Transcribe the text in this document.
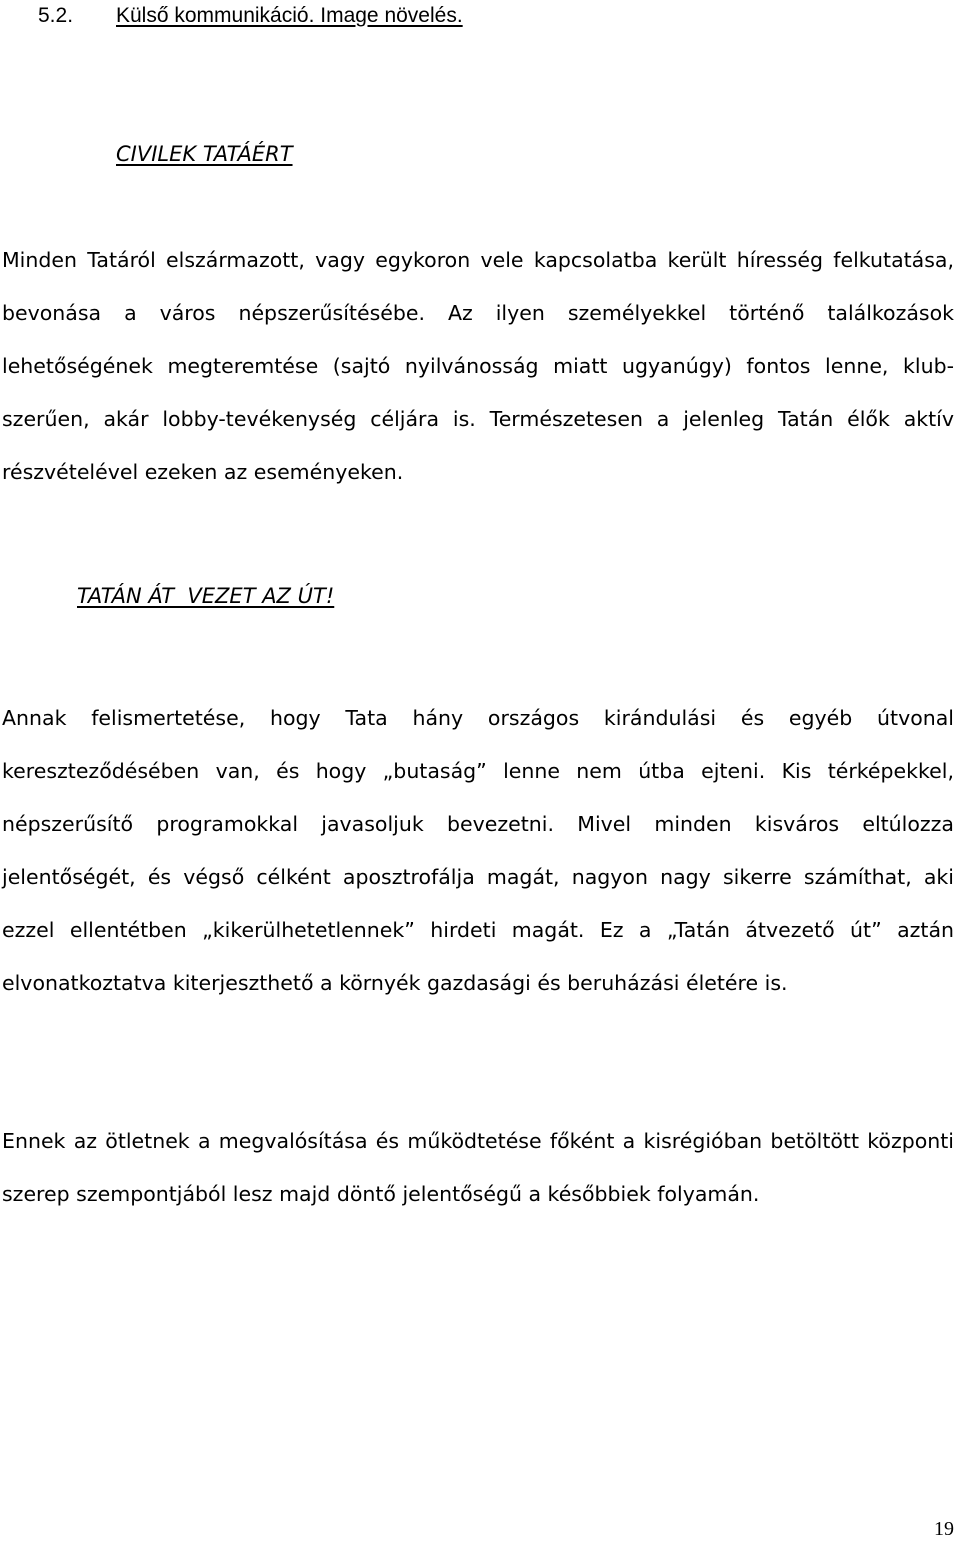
5.2. Külső kommunikáció. Image növelés.
CIVILEK TATÁÉRT

Minden Tatáról elszármazott, vagy egykoron vele kapcsolatba került híresség felkutatása, bevonása a város népszerűsítésébe. Az ilyen személyekkel történő találkozások lehetőségének megteremtése (sajtó nyilvánosság miatt ugyanúgy) fontos lenne, klub-szerűen, akár lobby-tevékenység céljára is. Természetesen a jelenleg Tatán élők aktív részvételével ezeken az eseményeken.

TATÁN ÁT  VEZET AZ ÚT!

Annak felismertetése, hogy Tata hány országos kirándulási és egyéb útvonal kereszteződésében van, és hogy „butaság” lenne nem útba ejteni. Kis térképekkel, népszerűsítő programokkal javasoljuk bevezetni. Mivel minden kisváros eltúlozza jelentőségét, és végső célként aposztrofálja magát, nagyon nagy sikerre számíthat, aki ezzel ellentétben „kikerülhetetlennek” hirdeti magát. Ez a „Tatán átvezető út” aztán elvonatkoztatva kiterjeszthető a környék gazdasági és beruházási életére is.

Ennek az ötletnek a megvalósítása és működtetése főként a kisrégióban betöltött központi szerep szempontjából lesz majd döntő jelentőségű a későbbiek folyamán.

19
